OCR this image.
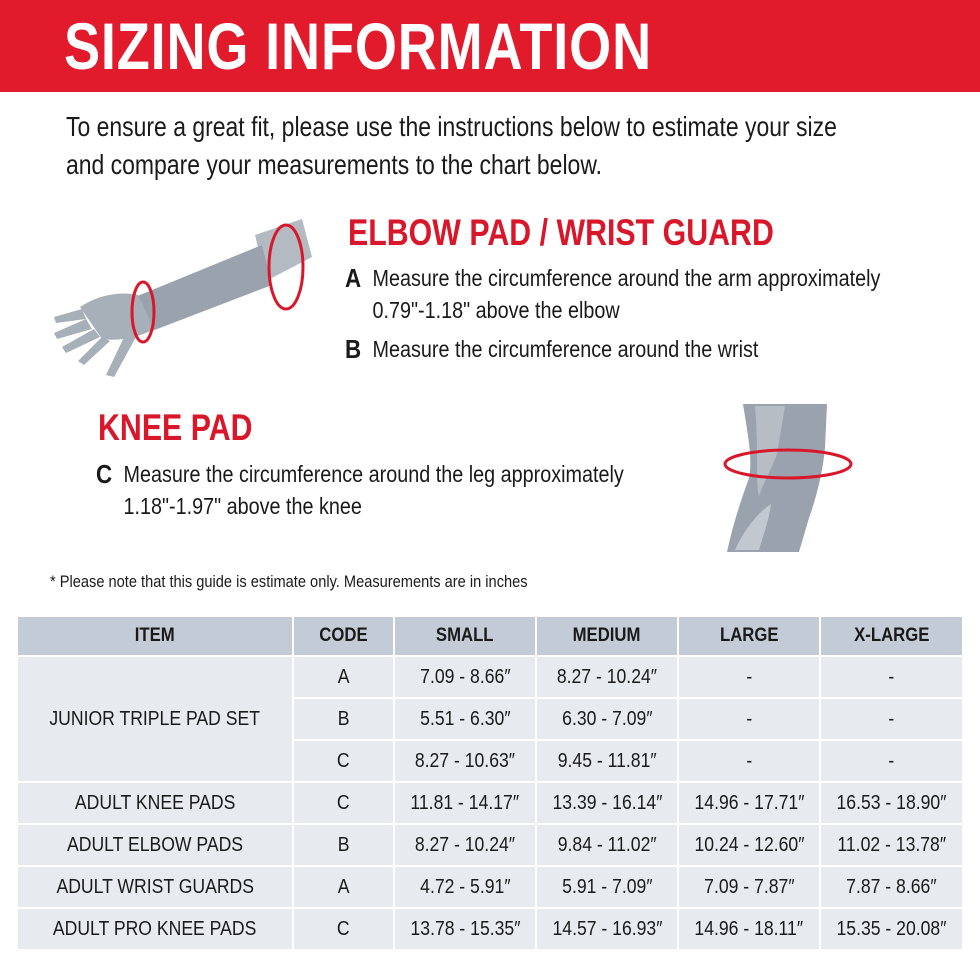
SIZING INFORMATION
To ensure a great fit, please use the instructions below to estimate your size
and compare your measurements to the chart below.
ELBOW PAD / WRIST GUARD
A Measure the circumference around the arm approximately
0.79"-1.18" above the elbow
B Measure the circumference around the wrist
KNEE PAD
C Measure the circumference around the leg approximately
1.18"-1.97" above the knee
* Please note that this guide is estimate only. Measurements are in inches
ITEM	CODE	SMALL	MEDIUM	LARGE	X-LARGE
JUNIOR TRIPLE PAD SET	A	7.09 - 8.66″	8.27 - 10.24″	-	-
	B	5.51 - 6.30″	6.30 - 7.09″	-	-
	C	8.27 - 10.63″	9.45 - 11.81″	-	-
ADULT KNEE PADS	C	11.81 - 14.17″	13.39 - 16.14″	14.96 - 17.71″	16.53 - 18.90″
ADULT ELBOW PADS	B	8.27 - 10.24″	9.84 - 11.02″	10.24 - 12.60″	11.02 - 13.78″
ADULT WRIST GUARDS	A	4.72 - 5.91″	5.91 - 7.09″	7.09 - 7.87″	7.87 - 8.66″
ADULT PRO KNEE PADS	C	13.78 - 15.35″	14.57 - 16.93″	14.96 - 18.11″	15.35 - 20.08″
